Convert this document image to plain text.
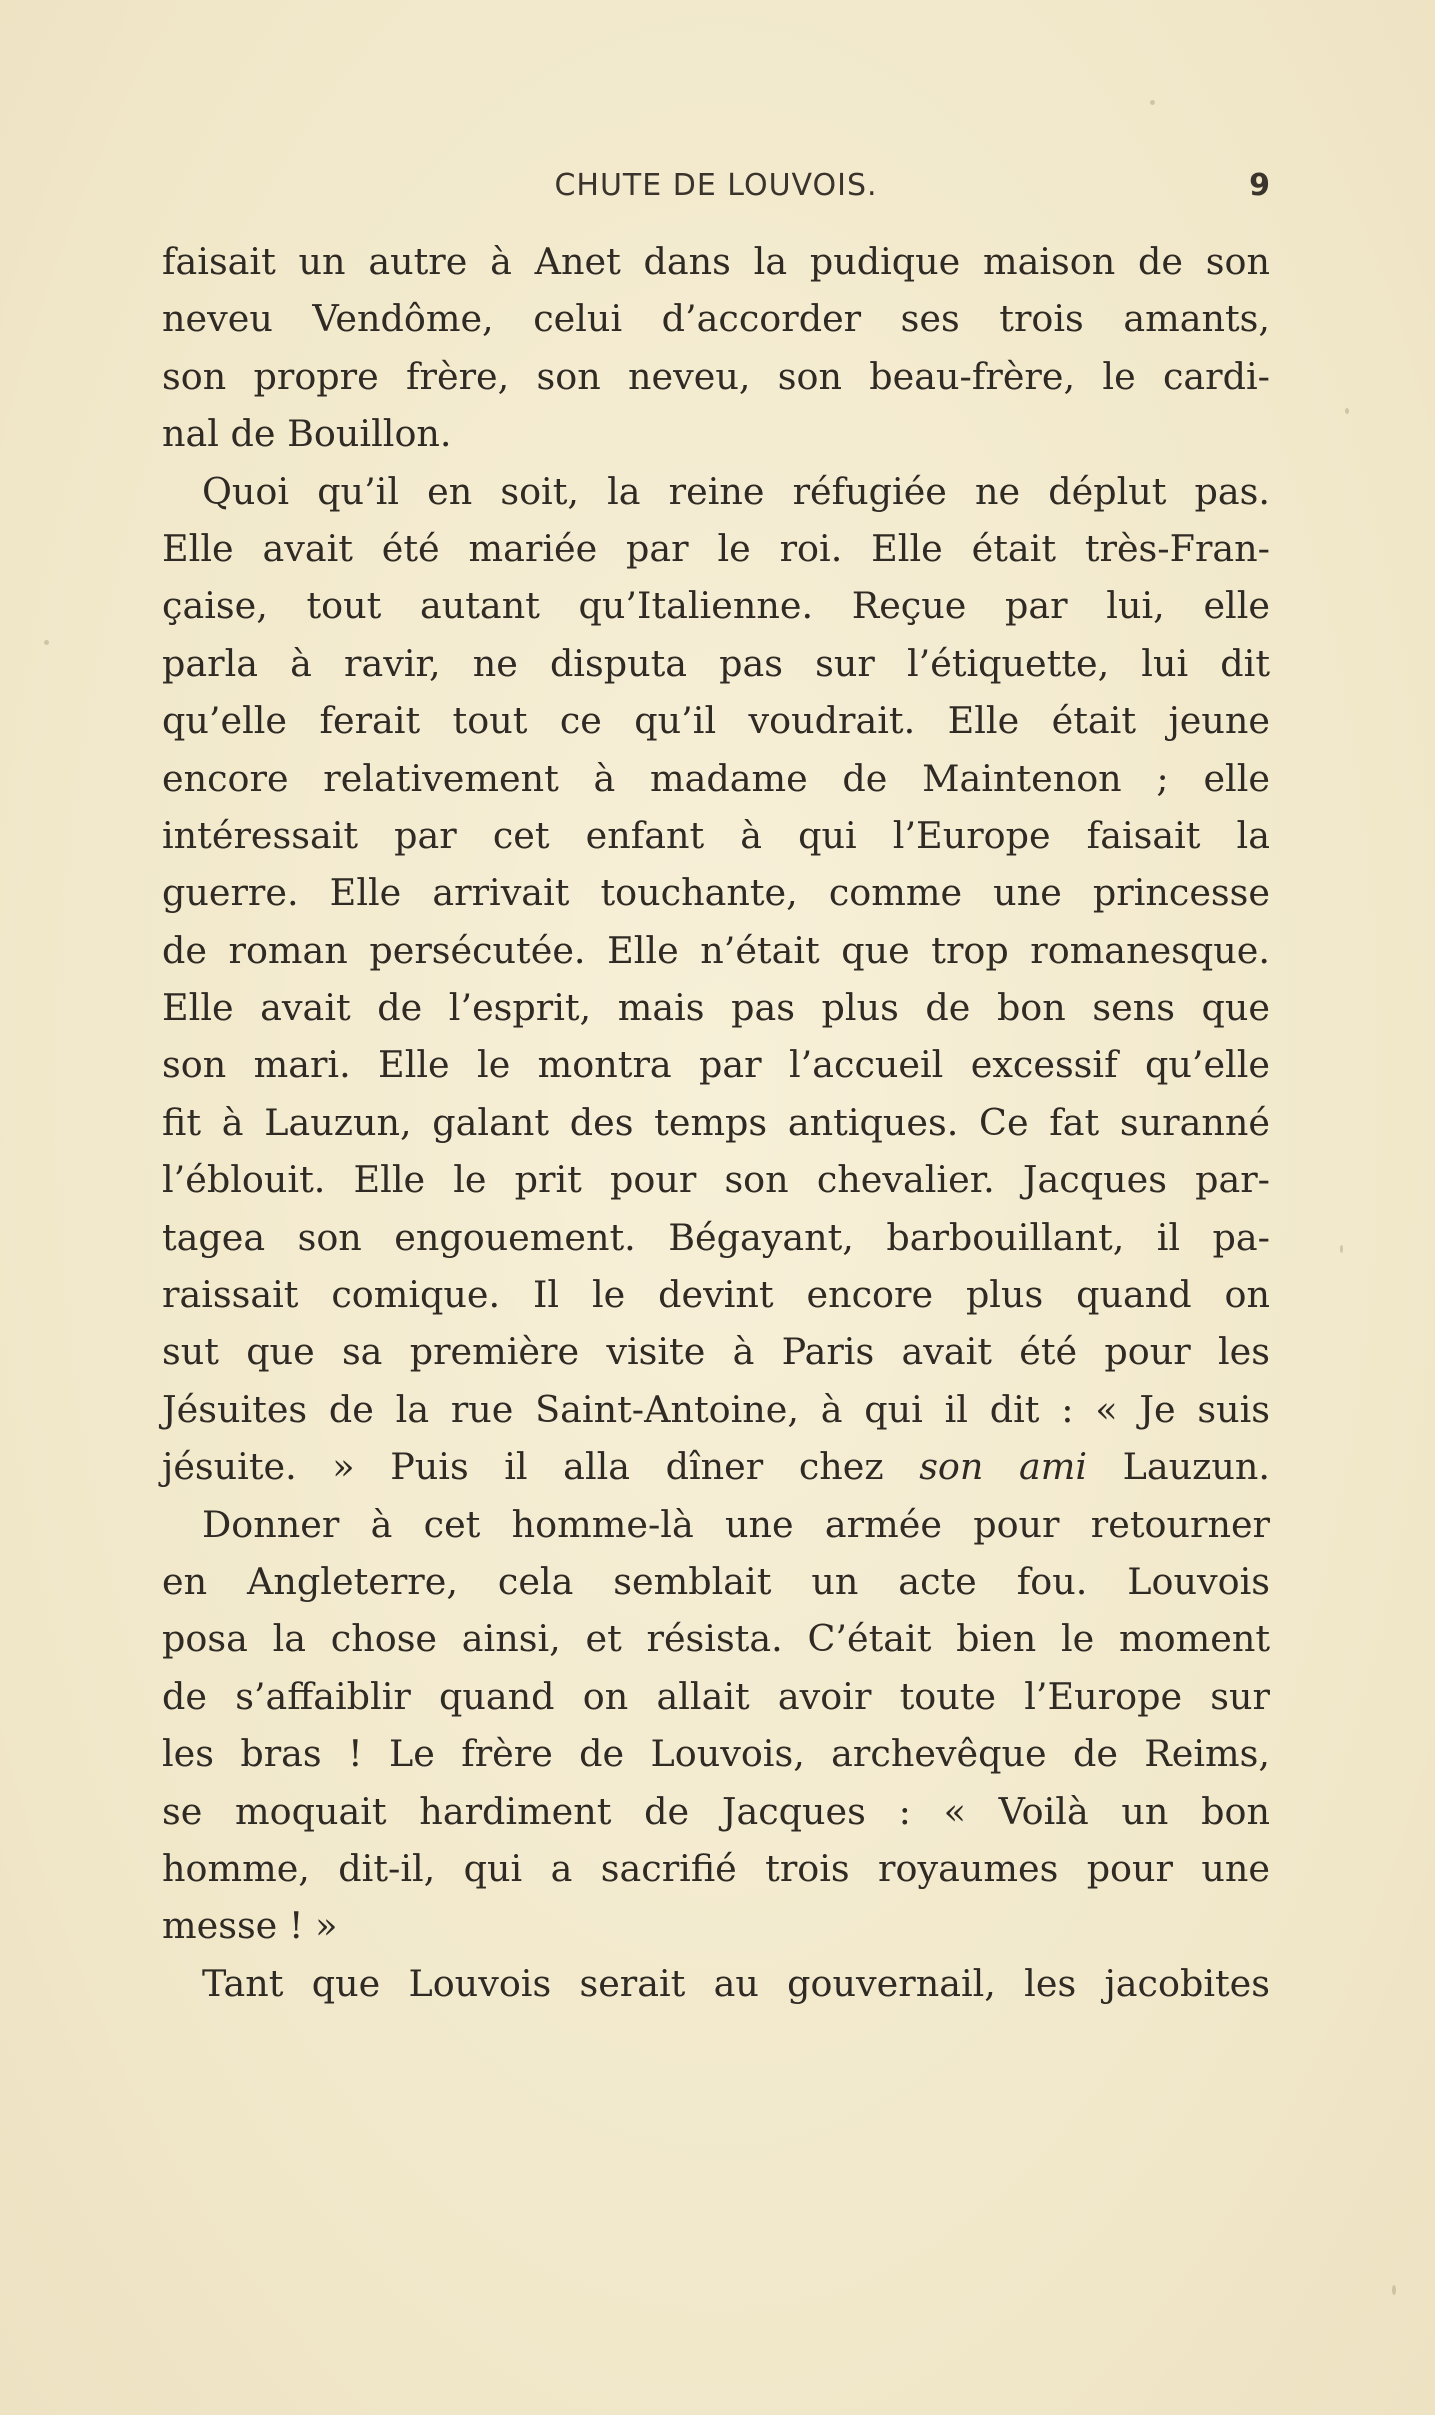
CHUTE DE LOUVOIS.	9
faisait un autre à Anet dans la pudique maison de son
neveu Vendôme, celui d’accorder ses trois amants,
son propre frère, son neveu, son beau-frère, le cardi-
nal de Bouillon.
Quoi qu’il en soit, la reine réfugiée ne déplut pas.
Elle avait été mariée par le roi. Elle était très-Fran-
çaise, tout autant qu’Italienne. Reçue par lui, elle
parla à ravir, ne disputa pas sur l’étiquette, lui dit
qu’elle ferait tout ce qu’il voudrait. Elle était jeune
encore relativement à madame de Maintenon ; elle
intéressait par cet enfant à qui l’Europe faisait la
guerre. Elle arrivait touchante, comme une princesse
de roman persécutée. Elle n’était que trop romanesque.
Elle avait de l’esprit, mais pas plus de bon sens que
son mari. Elle le montra par l’accueil excessif qu’elle
fit à Lauzun, galant des temps antiques. Ce fat suranné
l’éblouit. Elle le prit pour son chevalier. Jacques par-
tagea son engouement. Bégayant, barbouillant, il pa-
raissait comique. Il le devint encore plus quand on
sut que sa première visite à Paris avait été pour les
Jésuites de la rue Saint-Antoine, à qui il dit : « Je suis
jésuite. » Puis il alla dîner chez son ami Lauzun.
Donner à cet homme-là une armée pour retourner
en Angleterre, cela semblait un acte fou. Louvois
posa la chose ainsi, et résista. C’était bien le moment
de s’affaiblir quand on allait avoir toute l’Europe sur
les bras ! Le frère de Louvois, archevêque de Reims,
se moquait hardiment de Jacques : « Voilà un bon
homme, dit-il, qui a sacrifié trois royaumes pour une
messe ! »
Tant que Louvois serait au gouvernail, les jacobites
